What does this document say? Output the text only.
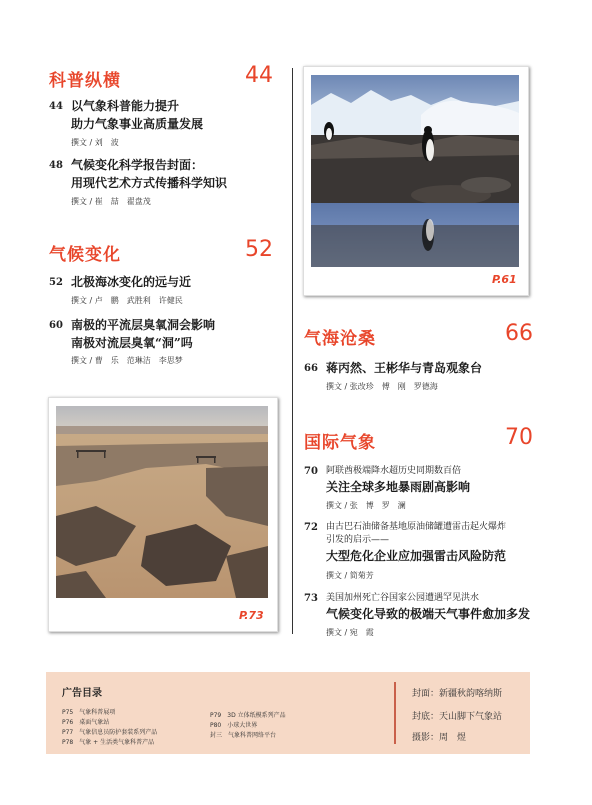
科普纵横	44
44 以气象科普能力提升
助力气象事业高质量发展
撰文 / 刘　波
48 气候变化科学报告封面：
用现代艺术方式传播科学知识
撰文 / 崔　喆　翟盘茂
气候变化	52
52 北极海冰变化的远与近
撰文 / 卢　鹏　武胜利　许健民
60 南极的平流层臭氧洞会影响
南极对流层臭氧“洞”吗
撰文 / 曹　乐　范琳洁　李思梦
P.73
P.61
气海沧桑	66
66 蒋丙然、王彬华与青岛观象台
撰文 / 张改珍　傅　刚　罗德海
国际气象	70
70 阿联酋极端降水超历史同期数百倍
关注全球多地暴雨剧高影响
撰文 / 张　博　罗　澜
72 由古巴石油储备基地原油储罐遭雷击起火爆炸
引发的启示——
大型危化企业应加强雷击风险防范
撰文 / 简菊芳
73 美国加州死亡谷国家公园遭遇罕见洪水
气候变化导致的极端天气事件愈加多发
撰文 / 宛　霞
广告目录
P75　气象科普展项
P76　桌面气象站
P77　气象信息员防护套装系列产品
P78　气象 + 生活类气象科普产品
P79　3D 立体纸模系列产品
P80　小球大世界
封三　气象科普网络平台
封面：新疆秋韵喀纳斯
封底：天山脚下气象站
摄影：周　煜
